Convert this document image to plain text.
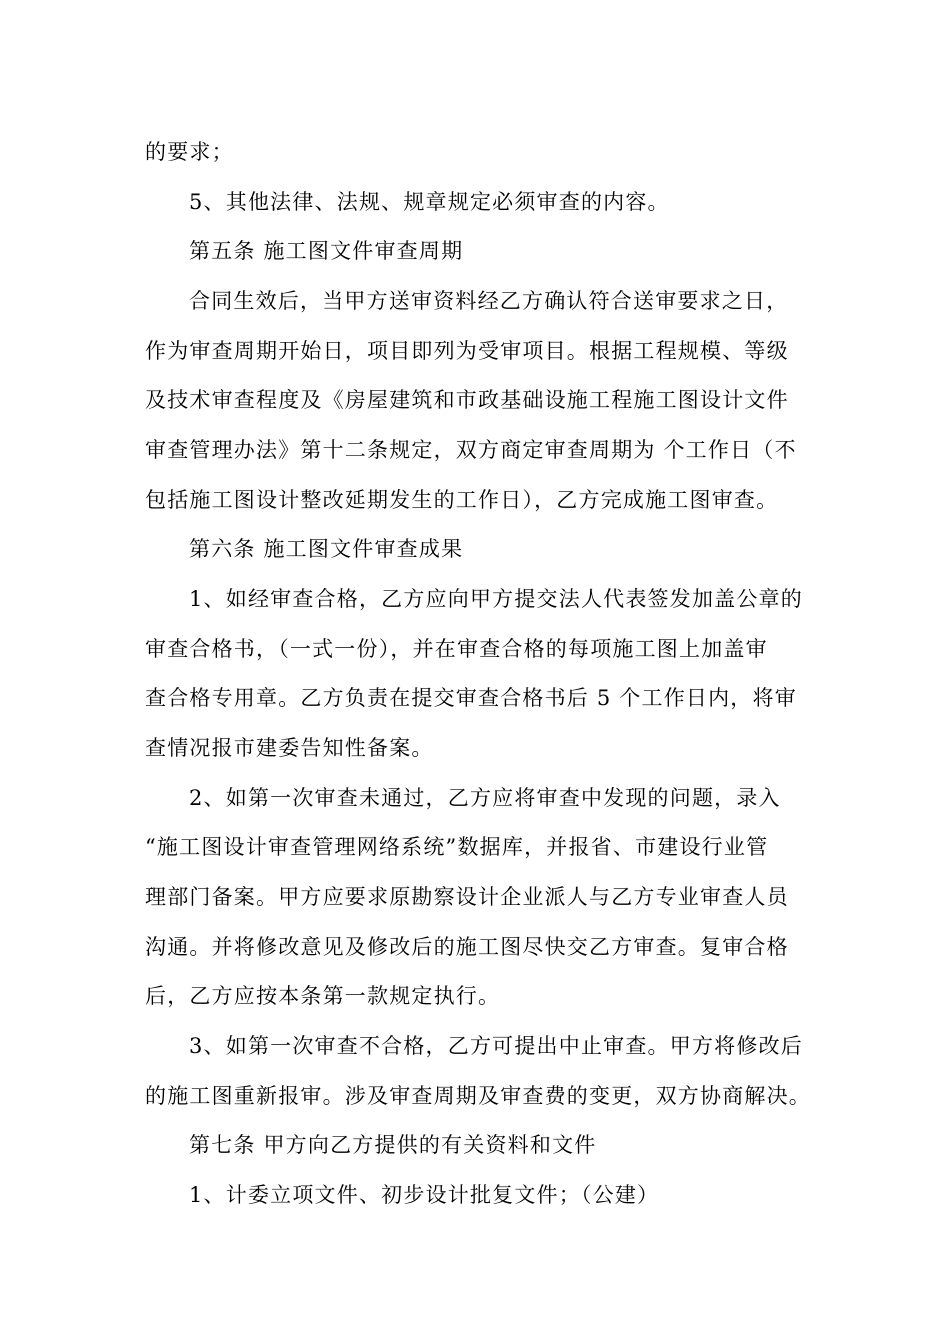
的要求；
5、其他法律、法规、规章规定必须审查的内容。
第五条 施工图文件审查周期
合同生效后，当甲方送审资料经乙方确认符合送审要求之日，
作为审查周期开始日，项目即列为受审项目。根据工程规模、等级
及技术审查程度及《房屋建筑和市政基础设施工程施工图设计文件
审查管理办法》第十二条规定，双方商定审查周期为 个工作日（不
包括施工图设计整改延期发生的工作日），乙方完成施工图审查。
第六条 施工图文件审查成果
1、如经审查合格，乙方应向甲方提交法人代表签发加盖公章的
审查合格书，（一式一份），并在审查合格的每项施工图上加盖审
查合格专用章。乙方负责在提交审查合格书后 5 个工作日内，将审
查情况报市建委告知性备案。
2、如第一次审查未通过，乙方应将审查中发现的问题，录入
“施工图设计审查管理网络系统”数据库，并报省、市建设行业管
理部门备案。甲方应要求原勘察设计企业派人与乙方专业审查人员
沟通。并将修改意见及修改后的施工图尽快交乙方审查。复审合格
后，乙方应按本条第一款规定执行。
3、如第一次审查不合格，乙方可提出中止审查。甲方将修改后
的施工图重新报审。涉及审查周期及审查费的变更，双方协商解决。
第七条 甲方向乙方提供的有关资料和文件
1、计委立项文件、初步设计批复文件；（公建）
